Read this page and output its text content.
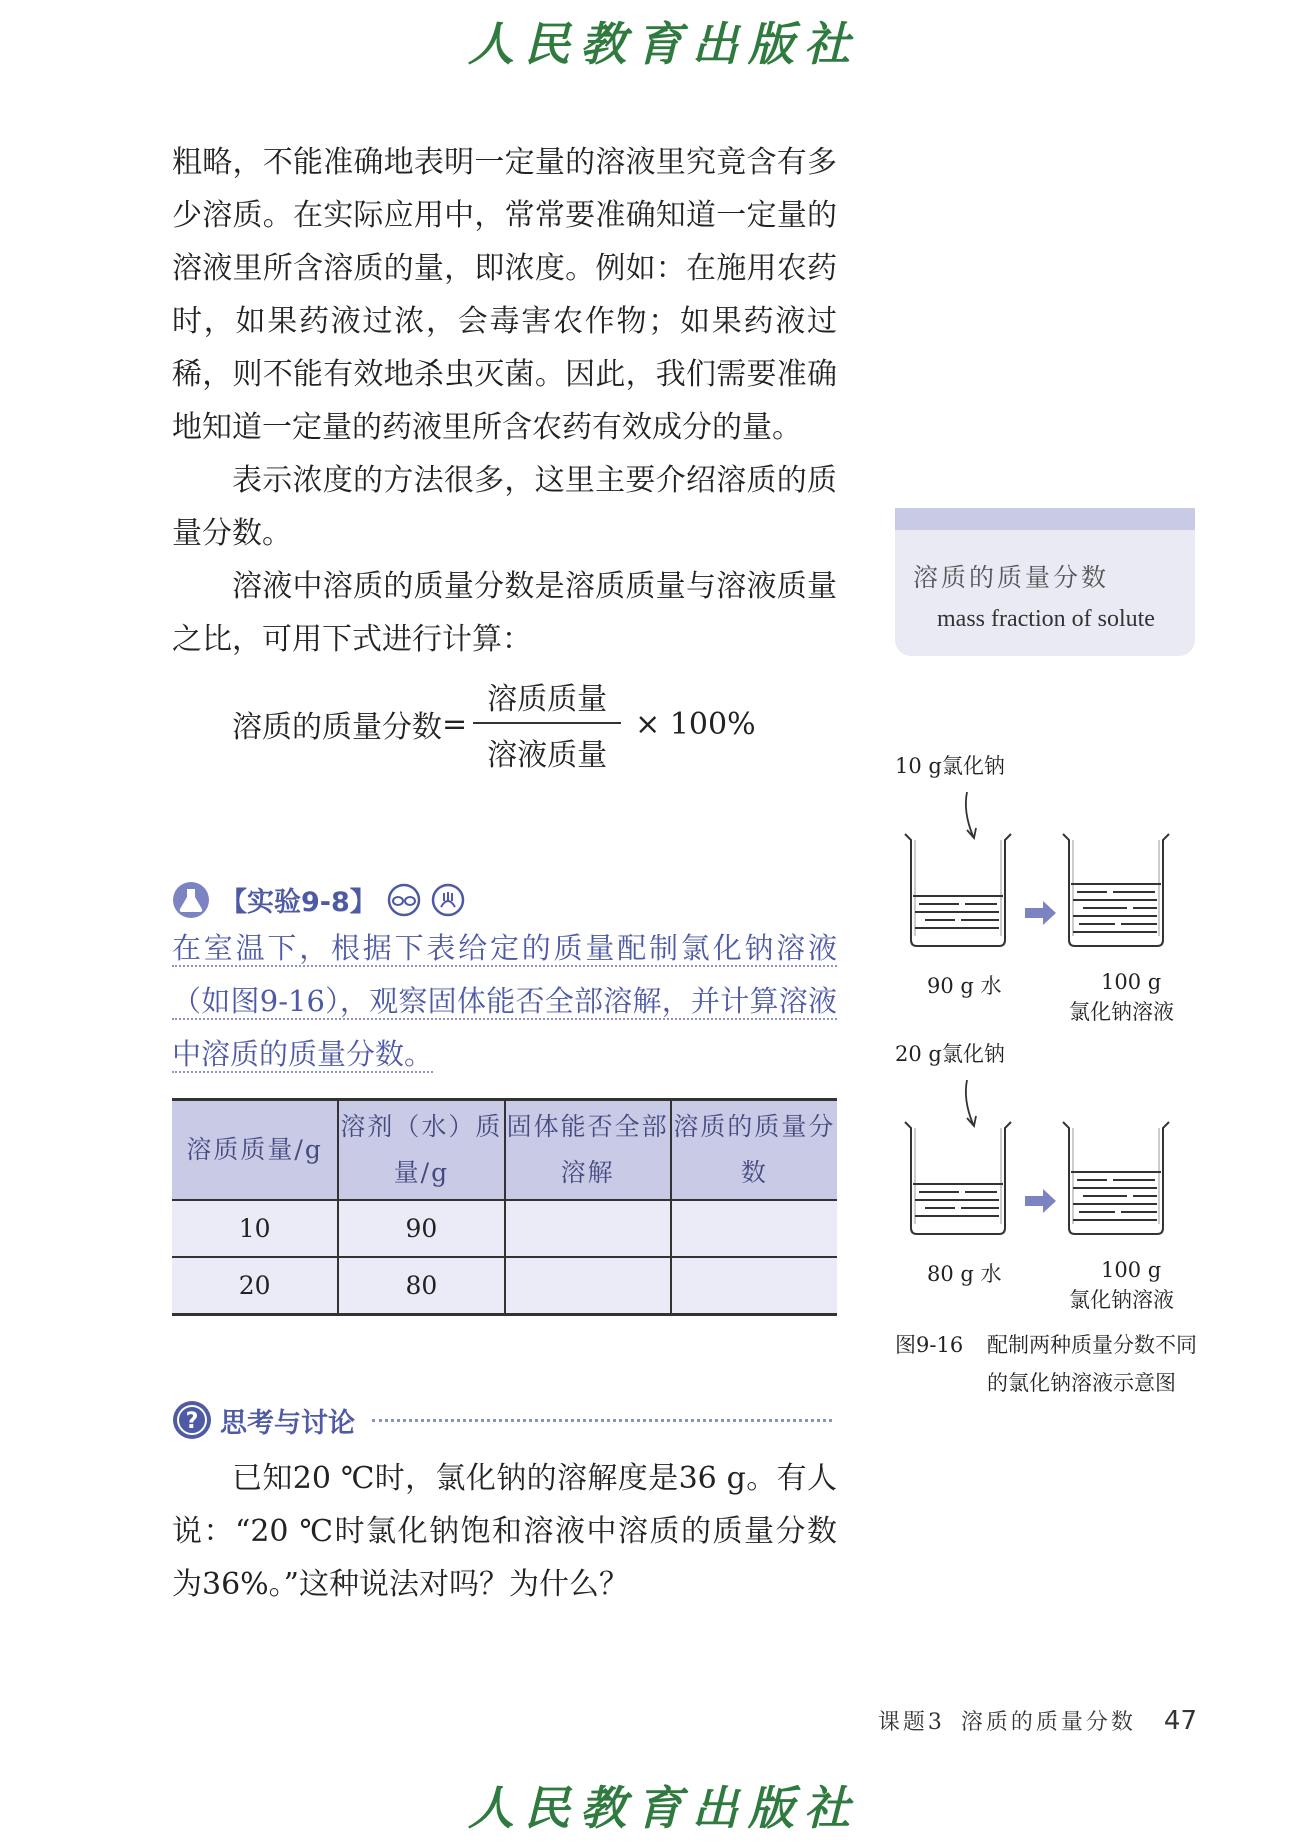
人民教育出版社

粗略，不能准确地表明一定量的溶液里究竟含有多少溶质。在实际应用中，常常要准确知道一定量的溶液里所含溶质的量，即浓度。例如：在施用农药时，如果药液过浓，会毒害农作物；如果药液过稀，则不能有效地杀虫灭菌。因此，我们需要准确地知道一定量的药液里所含农药有效成分的量。

表示浓度的方法很多，这里主要介绍溶质的质量分数。

溶液中溶质的质量分数是溶质质量与溶液质量之比，可用下式进行计算：

溶质的质量分数 = $\frac{\text{溶质质量}}{\text{溶液质量}} \times 100\%$
【实验9-8】

在室温下，根据下表给定的质量配制氯化钠溶液（如图9-16），观察固体能否全部溶解，并计算溶液中溶质的质量分数。

溶质质量/g	溶剂（水）质量/g	固体能否全部溶解	溶质的质量分数
10	90		
20	80		
? 思考与讨论

已知20 ℃时，氯化钠的溶解度是36 g。有人说：“20 ℃时氯化钠饱和溶液中溶质的质量分数为36%。”这种说法对吗？为什么？

溶质的质量分数
mass fraction of solute
10 g氯化钠
90 g 水	100 g
氯化钠溶液
20 g氯化钠
80 g 水	100 g
氯化钠溶液
图9-16 配制两种质量分数不同
的氯化钠溶液示意图
课题3 溶质的质量分数 47
人民教育出版社
